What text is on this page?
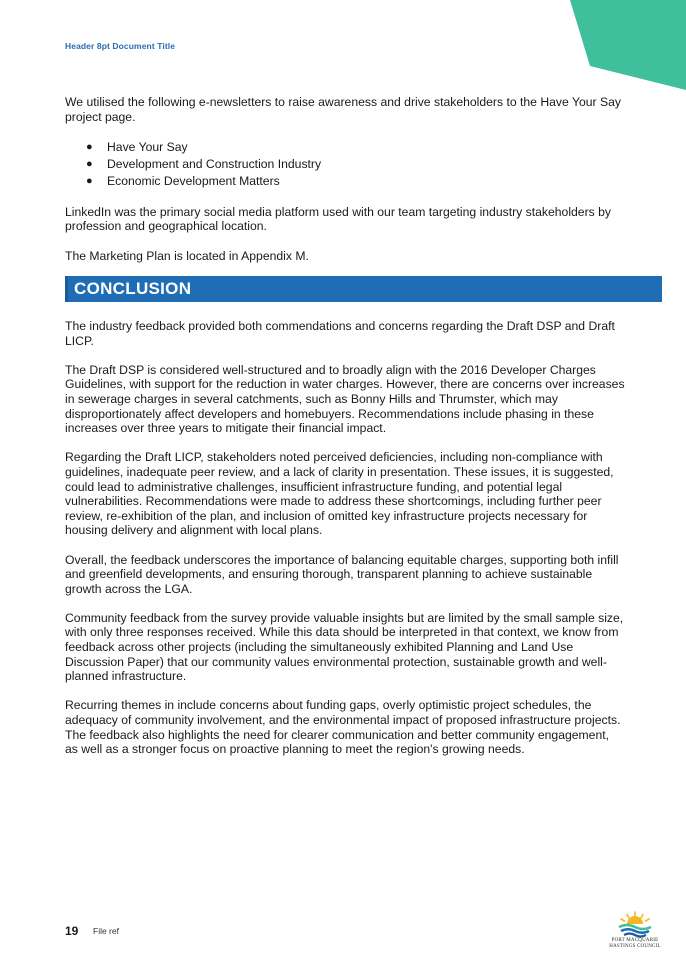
Header 8pt Document Title

We utilised the following e-newsletters to raise awareness and drive stakeholders to the Have Your Say project page.

● Have Your Say
● Development and Construction Industry
● Economic Development Matters

LinkedIn was the primary social media platform used with our team targeting industry stakeholders by profession and geographical location.

The Marketing Plan is located in Appendix M.

CONCLUSION

The industry feedback provided both commendations and concerns regarding the Draft DSP and Draft LICP.

The Draft DSP is considered well-structured and to broadly align with the 2016 Developer Charges Guidelines, with support for the reduction in water charges. However, there are concerns over increases in sewerage charges in several catchments, such as Bonny Hills and Thrumster, which may disproportionately affect developers and homebuyers. Recommendations include phasing in these increases over three years to mitigate their financial impact.

Regarding the Draft LICP, stakeholders noted perceived deficiencies, including non-compliance with guidelines, inadequate peer review, and a lack of clarity in presentation. These issues, it is suggested, could lead to administrative challenges, insufficient infrastructure funding, and potential legal vulnerabilities. Recommendations were made to address these shortcomings, including further peer review, re-exhibition of the plan, and inclusion of omitted key infrastructure projects necessary for housing delivery and alignment with local plans.

Overall, the feedback underscores the importance of balancing equitable charges, supporting both infill and greenfield developments, and ensuring thorough, transparent planning to achieve sustainable growth across the LGA.

Community feedback from the survey provide valuable insights but are limited by the small sample size, with only three responses received. While this data should be interpreted in that context, we know from feedback across other projects (including the simultaneously exhibited Planning and Land Use Discussion Paper) that our community values environmental protection, sustainable growth and well-planned infrastructure.

Recurring themes in include concerns about funding gaps, overly optimistic project schedules, the adequacy of community involvement, and the environmental impact of proposed infrastructure projects. The feedback also highlights the need for clearer communication and better community engagement, as well as a stronger focus on proactive planning to meet the region's growing needs.

19 File ref
PORT MACQUARIE
HASTINGS COUNCIL
